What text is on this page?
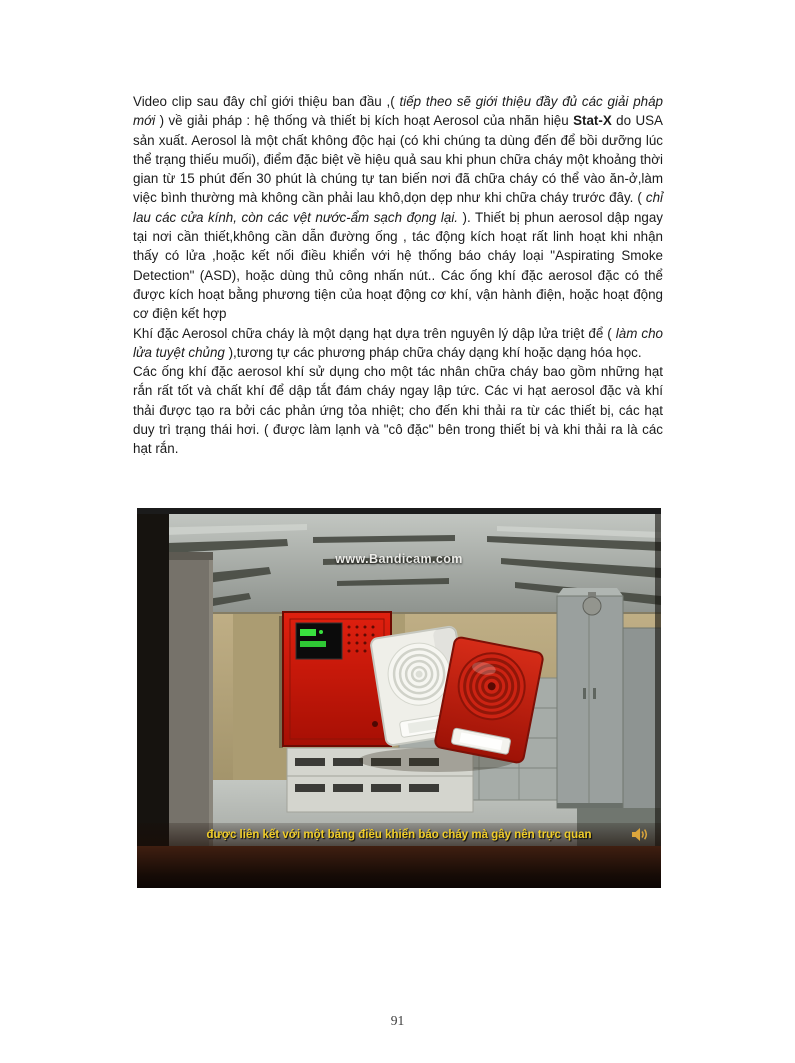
Video clip sau đây chỉ giới thiệu ban đầu ,( tiếp theo sẽ giới thiệu đầy đủ các giải pháp mới ) về giải pháp : hệ thống và thiết bị kích hoạt Aerosol của nhãn hiệu Stat-X do USA sản xuất. Aerosol là một chất không độc hại (có khi chúng ta dùng đến để bồi dưỡng lúc thể trạng thiếu muối), điểm đặc biệt về hiệu quả sau khi phun chữa cháy một khoảng thời gian từ 15 phút đến 30 phút là chúng tự tan biến nơi đã chữa cháy có thể vào ăn-ở,làm việc bình thường mà không cần phải lau khô,dọn dẹp như khi chữa cháy trước đây. ( chỉ lau các cửa kính, còn các vệt nước-ẩm sạch đọng lại. ). Thiết bị phun aerosol dập ngay tại nơi cần thiết,không cần dẫn đường ống , tác động kích hoạt rất linh hoạt khi nhận thấy có lửa ,hoặc kết nối điều khiển với hệ thống báo cháy loại "Aspirating Smoke Detection" (ASD), hoặc dùng thủ công nhấn nút.. Các ống khí đặc aerosol đặc có thể được kích hoạt bằng phương tiện của hoạt động cơ khí, vận hành điện, hoặc hoạt động cơ điện kết hợp

Khí đặc Aerosol chữa cháy là một dạng hạt dựa trên nguyên lý dập lửa triệt để ( làm cho lửa tuyệt chủng ),tương tự các phương pháp chữa cháy dạng khí hoặc dạng hóa học.

Các ống khí đặc aerosol khí sử dụng cho một tác nhân chữa cháy bao gồm những hạt rắn rất tốt và chất khí để dập tắt đám cháy ngay lập tức. Các vi hạt aerosol đặc và khí thải được tạo ra bởi các phản ứng tỏa nhiệt; cho đến khi thải ra từ các thiết bị, các hạt duy trì trạng thái hơi. ( được làm lạnh và "cô đặc" bên trong thiết bị và khi thải ra là các hạt rắn.

www.Bandicam.com
được liên kết với một bảng điều khiển báo cháy mà gây nên trực quan
91
